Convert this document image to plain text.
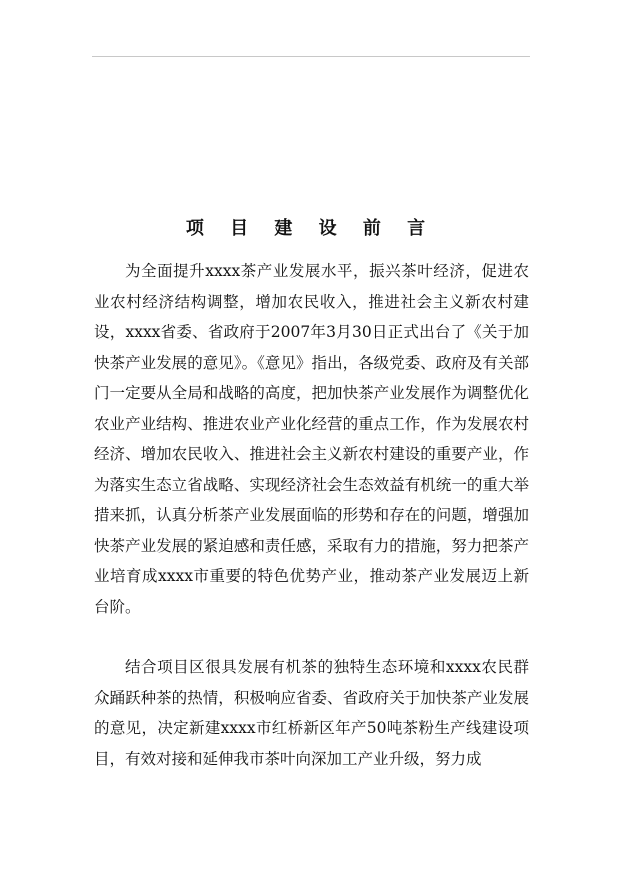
项 目 建 设 前 言

为全面提升xxxx茶产业发展水平，振兴茶叶经济，促进农业农村经济结构调整，增加农民收入，推进社会主义新农村建设，xxxx省委、省政府于2007年3月30日正式出台了《关于加快茶产业发展的意见》。《意见》指出，各级党委、政府及有关部门一定要从全局和战略的高度，把加快茶产业发展作为调整优化农业产业结构、推进农业产业化经营的重点工作，作为发展农村经济、增加农民收入、推进社会主义新农村建设的重要产业，作为落实生态立省战略、实现经济社会生态效益有机统一的重大举措来抓，认真分析茶产业发展面临的形势和存在的问题，增强加快茶产业发展的紧迫感和责任感，采取有力的措施，努力把茶产业培育成xxxx市重要的特色优势产业，推动茶产业发展迈上新台阶。

结合项目区很具发展有机茶的独特生态环境和xxxx农民群众踊跃种茶的热情，积极响应省委、省政府关于加快茶产业发展的意见，决定新建xxxx市红桥新区年产50吨茶粉生产线建设项目，有效对接和延伸我市茶叶向深加工产业升级，努力成
